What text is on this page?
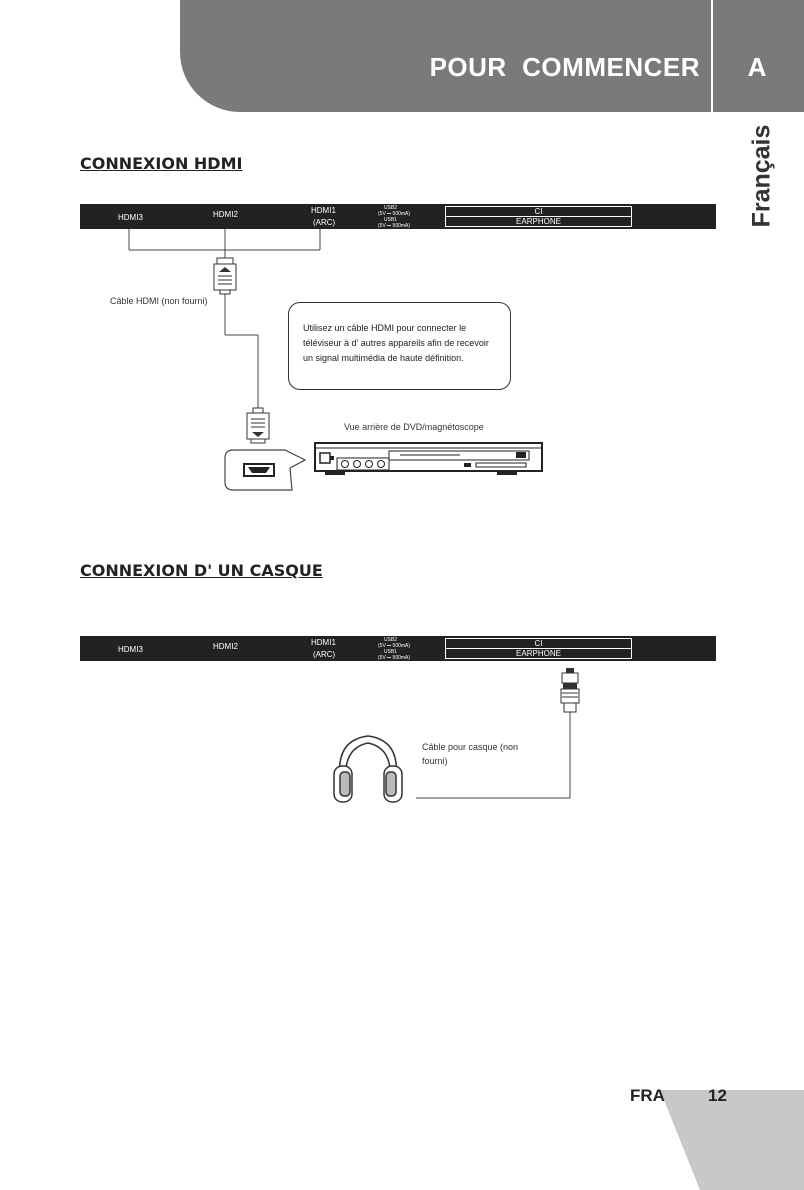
POUR  COMMENCER	A
Français
CONNEXION HDMI
HDMI3	HDMI2	HDMI1
(ARC)
USB2
(5V ⎓ 500mA)
USB1
(5V ⎓ 500mA)
CI
EARPHONE
Câble HDMI (non fourni)
Utilisez un câble HDMI pour connecter le téléviseur à d' autres appareils afin de recevoir un signal multimédia de haute définition.
Vue arrière de DVD/magnétoscope
CONNEXION D' UN CASQUE
HDMI3	HDMI2	HDMI1
(ARC)
USB2
(5V ⎓ 500mA)
USB1
(5V ⎓ 500mA)
CI
EARPHONE
Câble pour casque (non fourni)
FRA	12
